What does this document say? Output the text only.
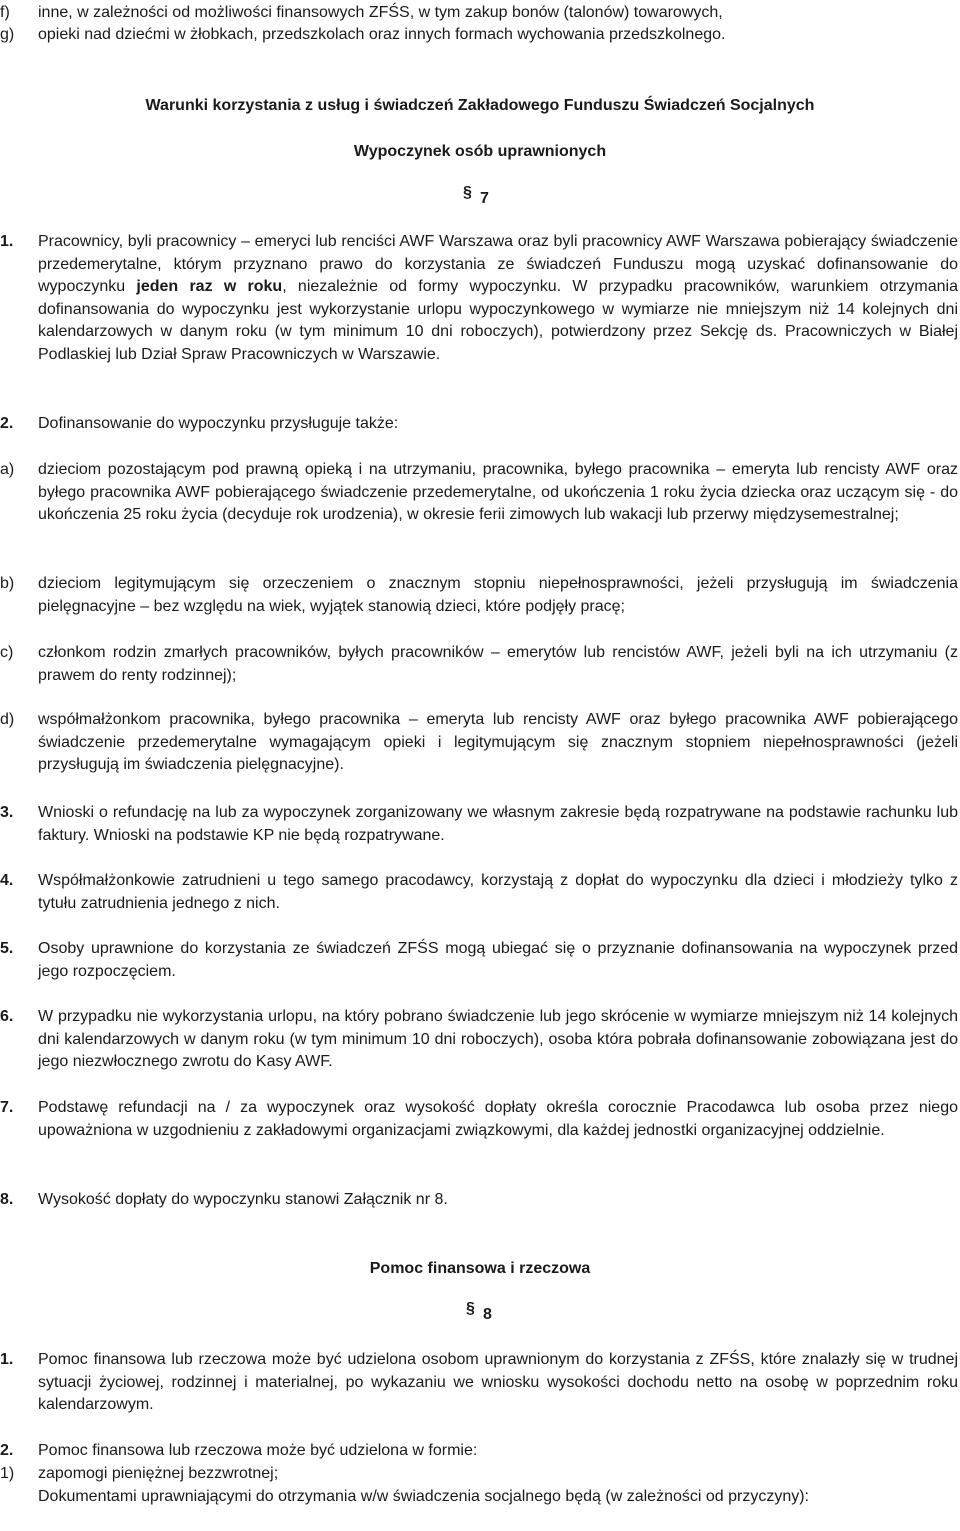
f) inne, w zależności od możliwości finansowych ZFŚS, w tym zakup bonów (talonów) towarowych,
g) opieki nad dziećmi w żłobkach, przedszkolach oraz innych formach wychowania przedszkolnego.
Warunki korzystania z usług i świadczeń Zakładowego Funduszu Świadczeń Socjalnych
Wypoczynek osób uprawnionych
§ 7
1. Pracownicy, byli pracownicy – emeryci lub renciści AWF Warszawa oraz byli pracownicy AWF Warszawa pobierający świadczenie przedemerytalne, którym przyznano prawo do korzystania ze świadczeń Funduszu mogą uzyskać dofinansowanie do wypoczynku jeden raz w roku, niezależnie od formy wypoczynku. W przypadku pracowników, warunkiem otrzymania dofinansowania do wypoczynku jest wykorzystanie urlopu wypoczynkowego w wymiarze nie mniejszym niż 14 kolejnych dni kalendarzowych w danym roku (w tym minimum 10 dni roboczych), potwierdzony przez Sekcję ds. Pracowniczych w Białej Podlaskiej lub Dział Spraw Pracowniczych w Warszawie.
2. Dofinansowanie do wypoczynku przysługuje także:
a) dzieciom pozostającym pod prawną opieką i na utrzymaniu, pracownika, byłego pracownika – emeryta lub rencisty AWF oraz byłego pracownika AWF pobierającego świadczenie przedemerytalne, od ukończenia 1 roku życia dziecka oraz uczącym się - do ukończenia 25 roku życia (decyduje rok urodzenia), w okresie ferii zimowych lub wakacji lub przerwy międzysemestralnej;
b) dzieciom legitymującym się orzeczeniem o znacznym stopniu niepełnosprawności, jeżeli przysługują im świadczenia pielęgnacyjne – bez względu na wiek, wyjątek stanowią dzieci, które podjęły pracę;
c) członkom rodzin zmarłych pracowników, byłych pracowników – emerytów lub rencistów AWF, jeżeli byli na ich utrzymaniu (z prawem do renty rodzinnej);
d) współmałżonkom pracownika, byłego pracownika – emeryta lub rencisty AWF oraz byłego pracownika AWF pobierającego świadczenie przedemerytalne wymagającym opieki i legitymującym się znacznym stopniem niepełnosprawności (jeżeli przysługują im świadczenia pielęgnacyjne).
3. Wnioski o refundację na lub za wypoczynek zorganizowany we własnym zakresie będą rozpatrywane na podstawie rachunku lub faktury. Wnioski na podstawie KP nie będą rozpatrywane.
4. Współmałżonkowie zatrudnieni u tego samego pracodawcy, korzystają z dopłat do wypoczynku dla dzieci i młodzieży tylko z tytułu zatrudnienia jednego z nich.
5. Osoby uprawnione do korzystania ze świadczeń ZFŚS mogą ubiegać się o przyznanie dofinansowania na wypoczynek przed jego rozpoczęciem.
6. W przypadku nie wykorzystania urlopu, na który pobrano świadczenie lub jego skrócenie w wymiarze mniejszym niż 14 kolejnych dni kalendarzowych w danym roku (w tym minimum 10 dni roboczych), osoba która pobrała dofinansowanie zobowiązana jest do jego niezwłocznego zwrotu do Kasy AWF.
7. Podstawę refundacji na / za wypoczynek oraz wysokość dopłaty określa corocznie Pracodawca lub osoba przez niego upoważniona w uzgodnieniu z zakładowymi organizacjami związkowymi, dla każdej jednostki organizacyjnej oddzielnie.
8. Wysokość dopłaty do wypoczynku stanowi Załącznik nr 8.
Pomoc finansowa i rzeczowa
§ 8
1. Pomoc finansowa lub rzeczowa może być udzielona osobom uprawnionym do korzystania z ZFŚS, które znalazły się w trudnej sytuacji życiowej, rodzinnej i materialnej, po wykazaniu we wniosku wysokości dochodu netto na osobę w poprzednim roku kalendarzowym.
2. Pomoc finansowa lub rzeczowa może być udzielona w formie:
1) zapomogi pieniężnej bezzwrotnej;
Dokumentami uprawniającymi do otrzymania w/w świadczenia socjalnego będą (w zależności od przyczyny):
